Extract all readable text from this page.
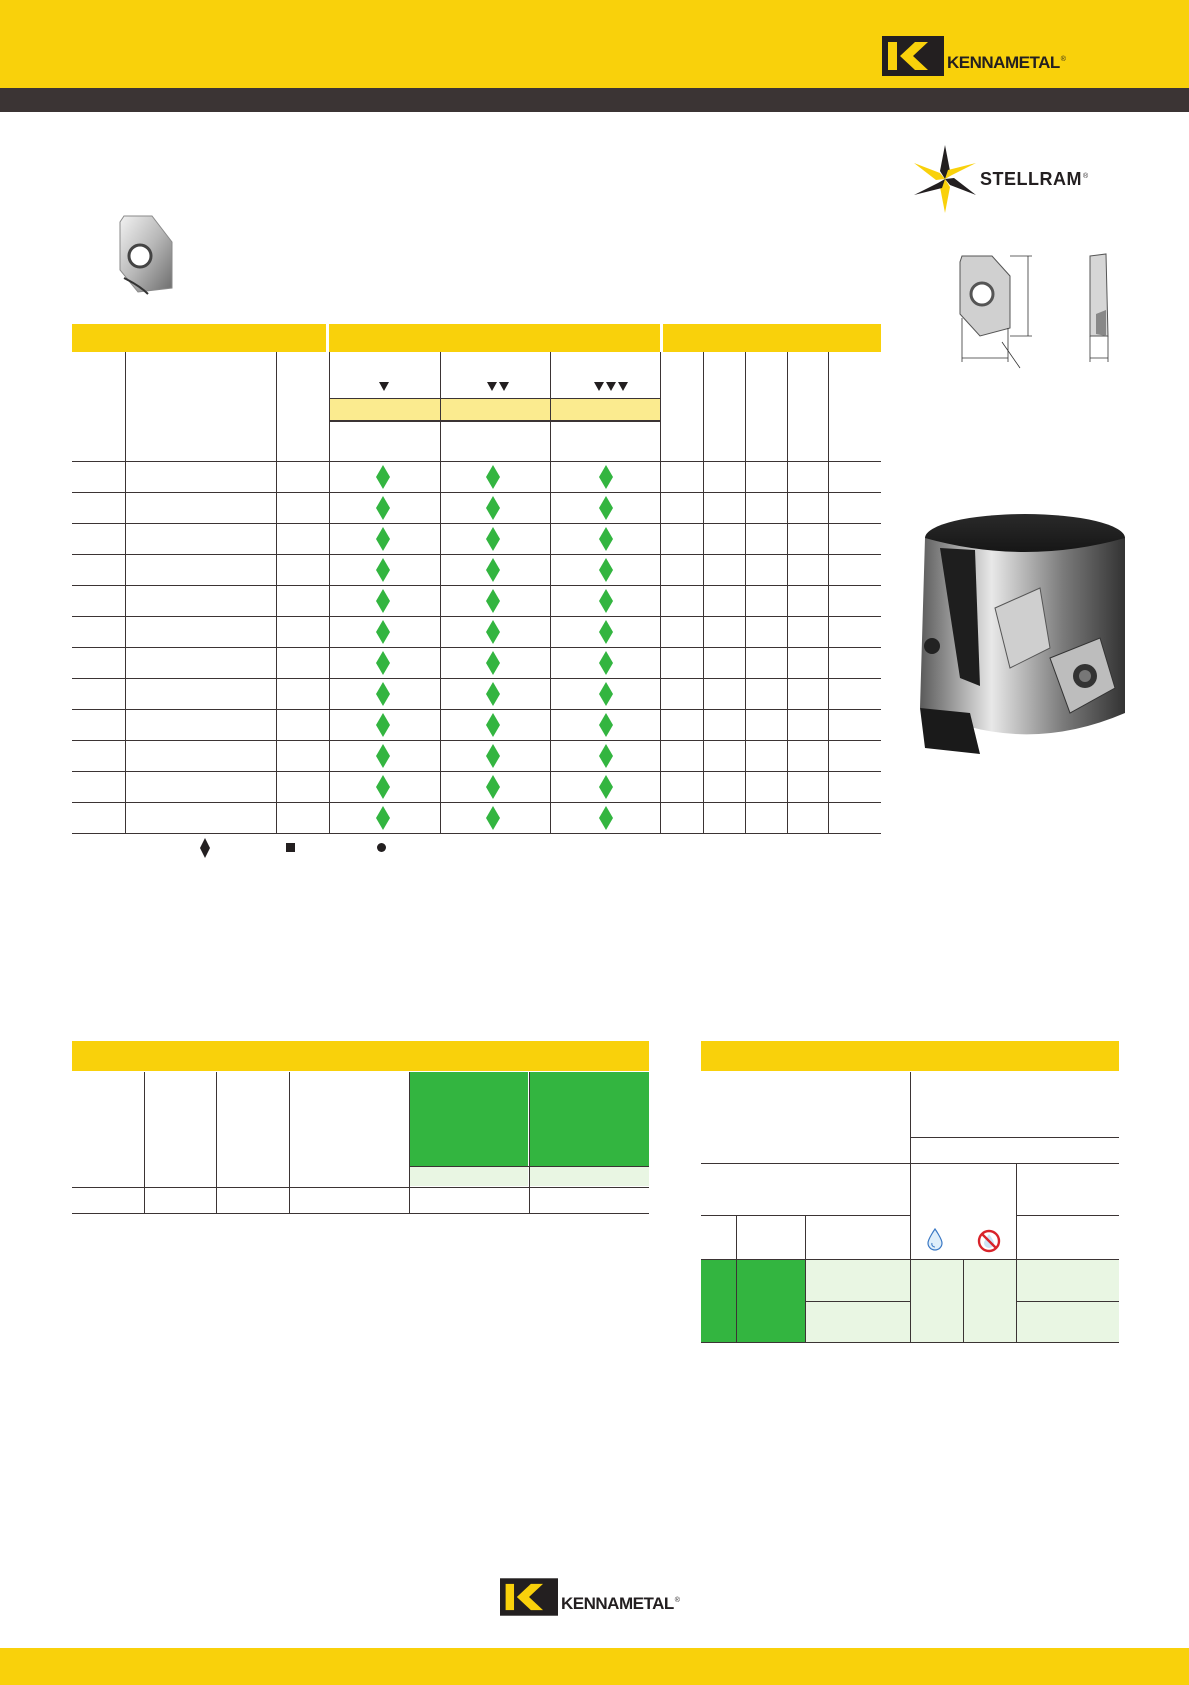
KENNAMETAL®
STELLRAM®
KENNAMETAL®
